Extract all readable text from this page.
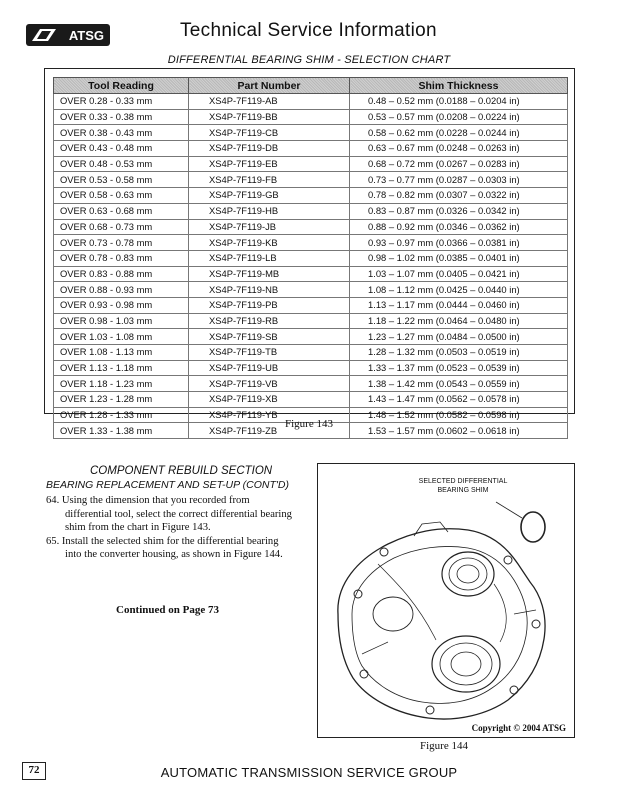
ATSG	Technical Service Information
DIFFERENTIAL BEARING SHIM - SELECTION CHART
Tool Reading	Part Number	Shim Thickness
OVER 0.28 - 0.33 mm	XS4P-7F119-AB	0.48 – 0.52 mm (0.0188 – 0.0204 in)
OVER 0.33 - 0.38 mm	XS4P-7F119-BB	0.53 – 0.57 mm (0.0208 – 0.0224 in)
OVER 0.38 - 0.43 mm	XS4P-7F119-CB	0.58 – 0.62 mm (0.0228 – 0.0244 in)
OVER 0.43 - 0.48 mm	XS4P-7F119-DB	0.63 – 0.67 mm (0.0248 – 0.0263 in)
OVER 0.48 - 0.53 mm	XS4P-7F119-EB	0.68 – 0.72 mm (0.0267 – 0.0283 in)
OVER 0.53 - 0.58 mm	XS4P-7F119-FB	0.73 – 0.77 mm (0.0287 – 0.0303 in)
OVER 0.58 - 0.63 mm	XS4P-7F119-GB	0.78 – 0.82 mm (0.0307 – 0.0322 in)
OVER 0.63 - 0.68 mm	XS4P-7F119-HB	0.83 – 0.87 mm (0.0326 – 0.0342 in)
OVER 0.68 - 0.73 mm	XS4P-7F119-JB	0.88 – 0.92 mm (0.0346 – 0.0362 in)
OVER 0.73 - 0.78 mm	XS4P-7F119-KB	0.93 – 0.97 mm (0.0366 – 0.0381 in)
OVER 0.78 - 0.83 mm	XS4P-7F119-LB	0.98 – 1.02 mm (0.0385 – 0.0401 in)
OVER 0.83 - 0.88 mm	XS4P-7F119-MB	1.03 – 1.07 mm (0.0405 – 0.0421 in)
OVER 0.88 - 0.93 mm	XS4P-7F119-NB	1.08 – 1.12 mm (0.0425 – 0.0440 in)
OVER 0.93 - 0.98 mm	XS4P-7F119-PB	1.13 – 1.17 mm (0.0444 – 0.0460 in)
OVER 0.98 - 1.03 mm	XS4P-7F119-RB	1.18 – 1.22 mm (0.0464 – 0.0480 in)
OVER 1.03 - 1.08 mm	XS4P-7F119-SB	1.23 – 1.27 mm (0.0484 – 0.0500 in)
OVER 1.08 - 1.13 mm	XS4P-7F119-TB	1.28 – 1.32 mm (0.0503 – 0.0519 in)
OVER 1.13 - 1.18 mm	XS4P-7F119-UB	1.33 – 1.37 mm (0.0523 – 0.0539 in)
OVER 1.18 - 1.23 mm	XS4P-7F119-VB	1.38 – 1.42 mm (0.0543 – 0.0559 in)
OVER 1.23 - 1.28 mm	XS4P-7F119-XB	1.43 – 1.47 mm (0.0562 – 0.0578 in)
OVER 1.28 - 1.33 mm	XS4P-7F119-YB	1.48 – 1.52 mm (0.0582 – 0.0598 in)
OVER 1.33 - 1.38 mm	XS4P-7F119-ZB	1.53 – 1.57 mm (0.0602 – 0.0618 in)
Figure 143
COMPONENT REBUILD SECTION
BEARING REPLACEMENT AND SET-UP (CONT'D)

64. Using the dimension that you recorded from differential tool, select the correct differential bearing shim from the chart in Figure 143.

65. Install the selected shim for the differential bearing into the converter housing, as shown in Figure 144.

Continued on Page 73
SELECTED DIFFERENTIAL BEARING SHIM
Copyright © 2004 ATSG
Figure 144
72	AUTOMATIC TRANSMISSION SERVICE GROUP
